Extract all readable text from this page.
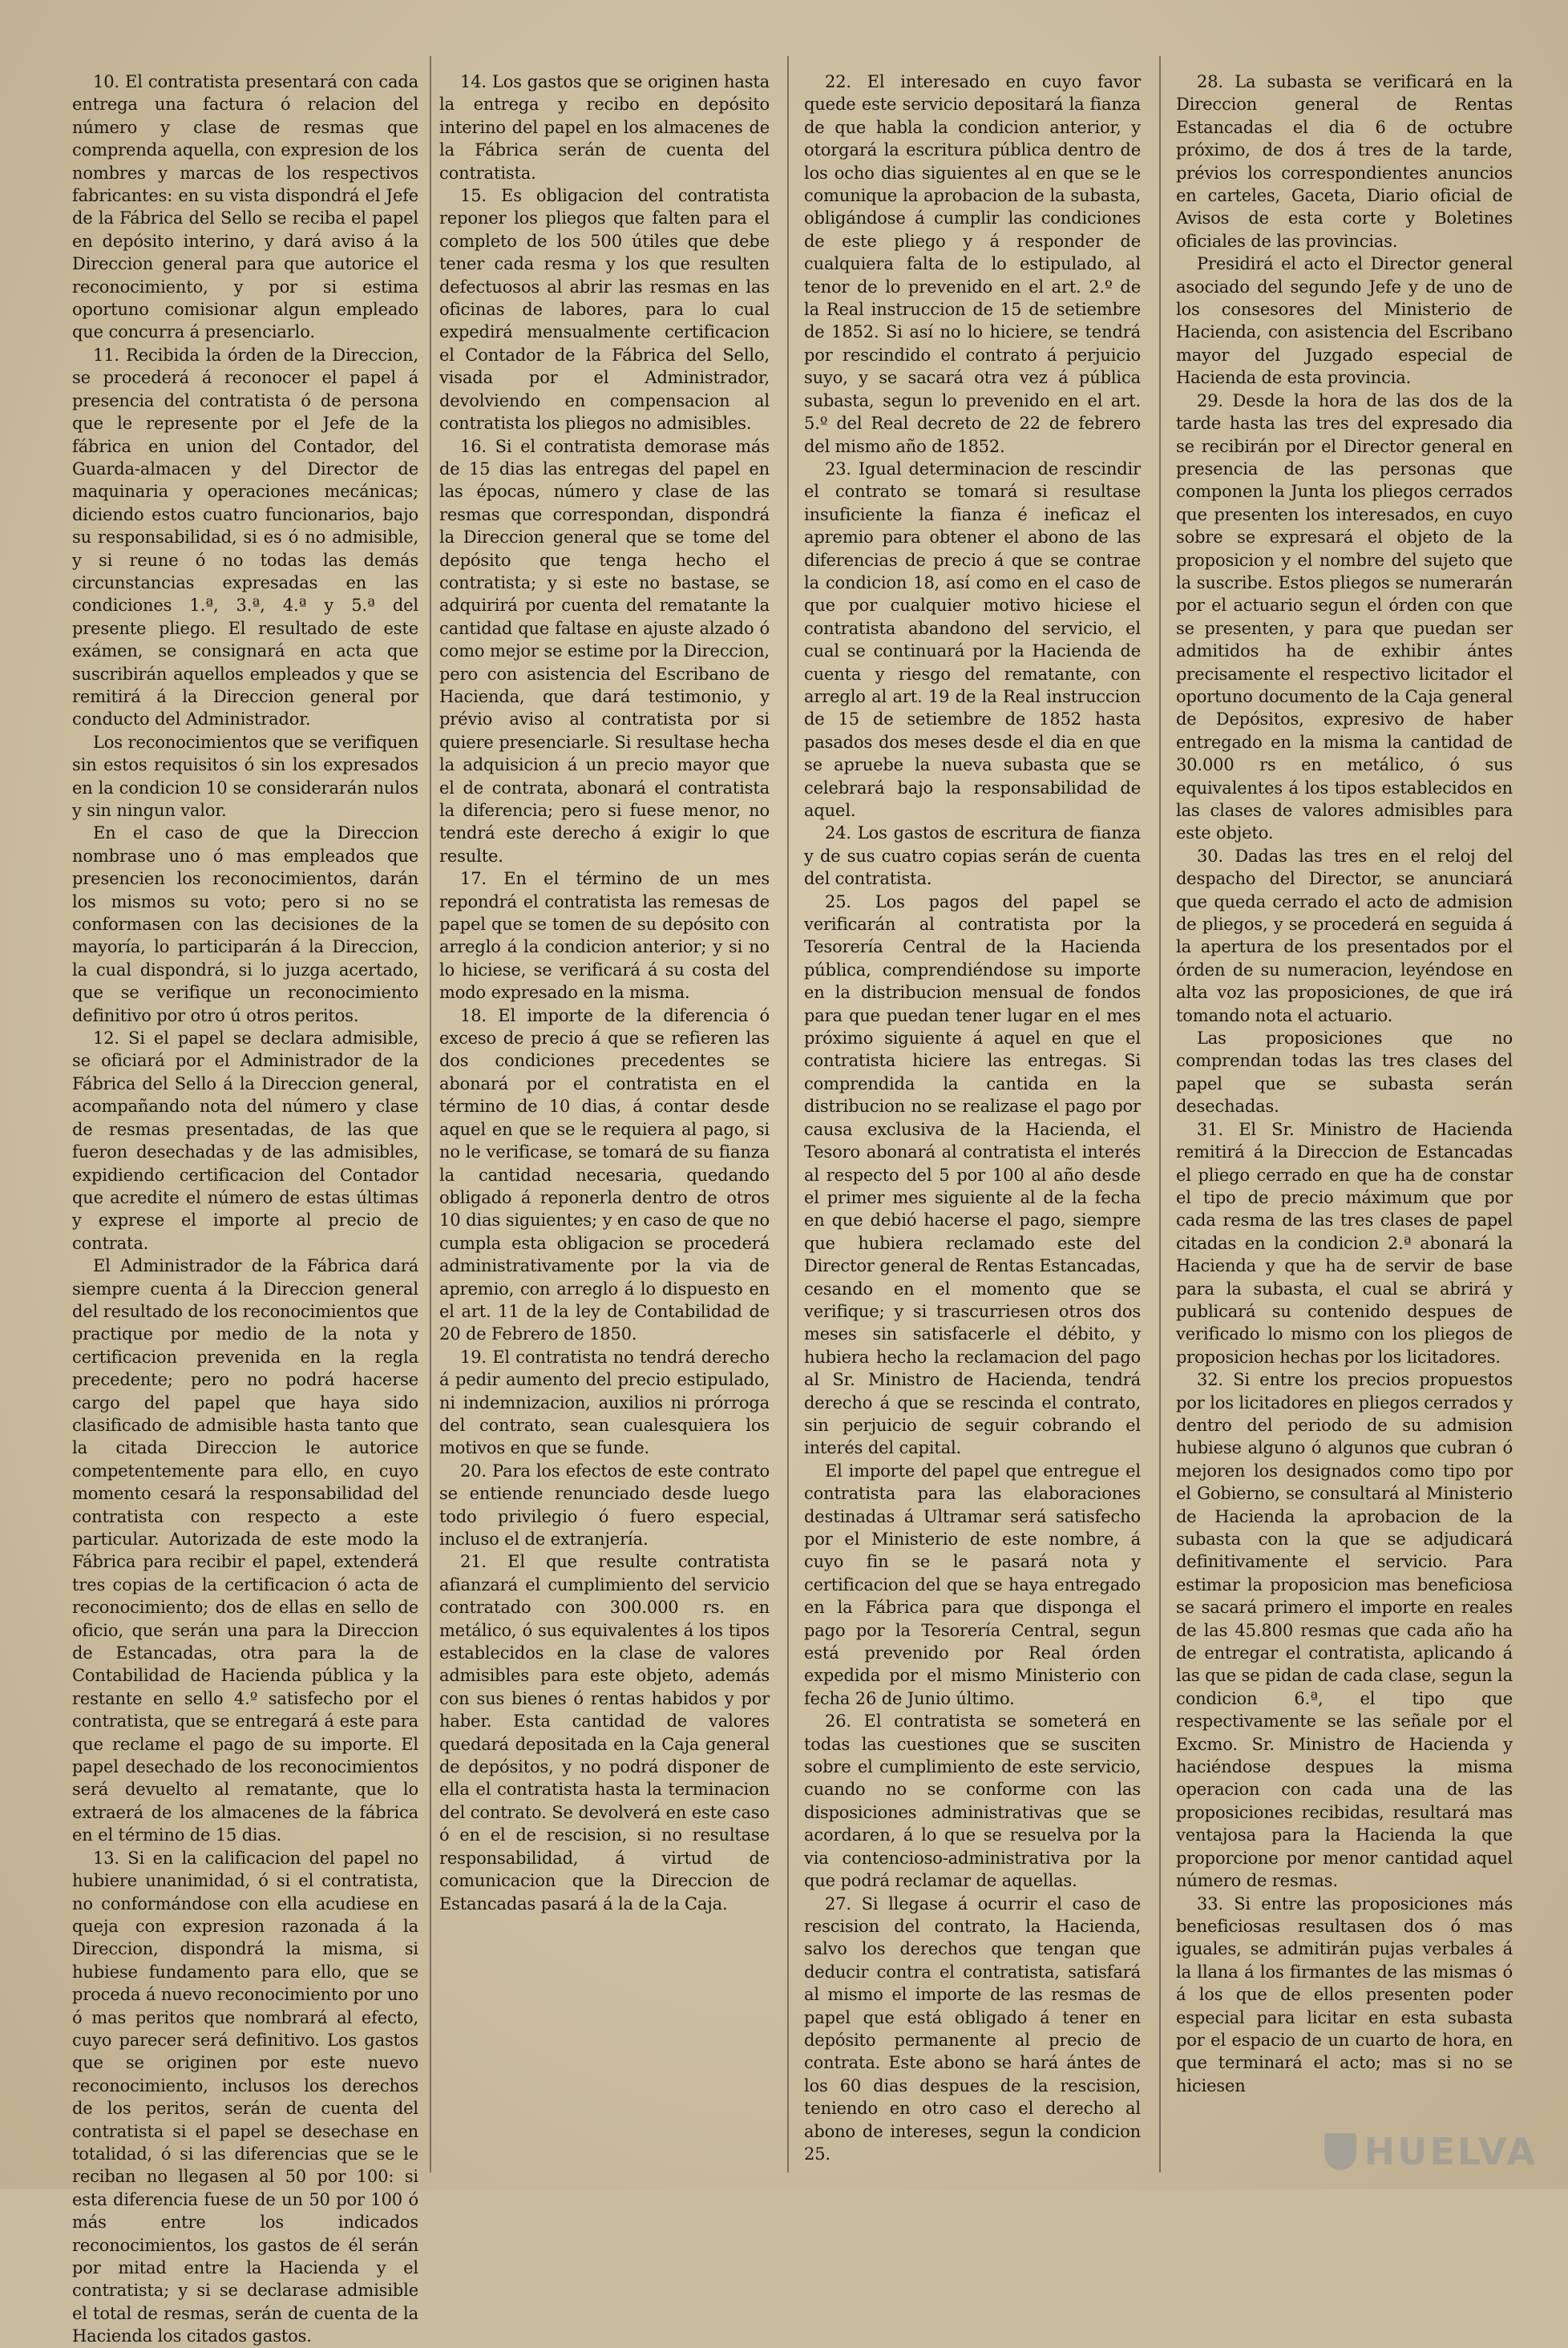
10. El contratista presentará con cada entrega una factura ó relacion del número y clase de resmas que comprenda aquella, con expresion de los nombres y marcas de los respectivos fabricantes: en su vista dispondrá el Jefe de la Fábrica del Sello se reciba el papel en depósito interino, y dará aviso á la Direccion general para que autorice el reconocimiento, y por si estima oportuno comisionar algun empleado que concurra á presenciarlo.

11. Recibida la órden de la Direccion, se procederá á reconocer el papel á presencia del contratista ó de persona que le represente por el Jefe de la fábrica en union del Contador, del Guarda-almacen y del Director de maquinaria y operaciones mecánicas; diciendo estos cuatro funcionarios, bajo su responsabilidad, si es ó no admisible, y si reune ó no todas las demás circunstancias expresadas en las condiciones 1.ª, 3.ª, 4.ª y 5.ª del presente pliego. El resultado de este exámen, se consignará en acta que suscribirán aquellos empleados y que se remitirá á la Direccion general por conducto del Administrador.

Los reconocimientos que se verifiquen sin estos requisitos ó sin los expresados en la condicion 10 se considerarán nulos y sin ningun valor.

En el caso de que la Direccion nombrase uno ó mas empleados que presencien los reconocimientos, darán los mismos su voto; pero si no se conformasen con las decisiones de la mayoría, lo participarán á la Direccion, la cual dispondrá, si lo juzga acertado, que se verifique un reconocimiento definitivo por otro ú otros peritos.

12. Si el papel se declara admisible, se oficiará por el Administrador de la Fábrica del Sello á la Direccion general, acompañando nota del número y clase de resmas presentadas, de las que fueron desechadas y de las admisibles, expidiendo certificacion del Contador que acredite el número de estas últimas y exprese el importe al precio de contrata.

El Administrador de la Fábrica dará siempre cuenta á la Direccion general del resultado de los reconocimientos que practique por medio de la nota y certificacion prevenida en la regla precedente; pero no podrá hacerse cargo del papel que haya sido clasificado de admisible hasta tanto que la citada Direccion le autorice competentemente para ello, en cuyo momento cesará la responsabilidad del contratista con respecto a este particular. Autorizada de este modo la Fábrica para recibir el papel, extenderá tres copias de la certificacion ó acta de reconocimiento; dos de ellas en sello de oficio, que serán una para la Direccion de Estancadas, otra para la de Contabilidad de Hacienda pública y la restante en sello 4.º satisfecho por el contratista, que se entregará á este para que reclame el pago de su importe. El papel desechado de los reconocimientos será devuelto al rematante, que lo extraerá de los almacenes de la fábrica en el término de 15 dias.

13. Si en la calificacion del papel no hubiere unanimidad, ó si el contratista, no conformándose con ella acudiese en queja con expresion razonada á la Direccion, dispondrá la misma, si hubiese fundamento para ello, que se proceda á nuevo reconocimiento por uno ó mas peritos que nombrará al efecto, cuyo parecer será definitivo. Los gastos que se originen por este nuevo reconocimiento, inclusos los derechos de los peritos, serán de cuenta del contratista si el papel se desechase en totalidad, ó si las diferencias que se le reciban no llegasen al 50 por 100: si esta diferencia fuese de un 50 por 100 ó más entre los indicados reconocimientos, los gastos de él serán por mitad entre la Hacienda y el contratista; y si se declarase admisible el total de resmas, serán de cuenta de la Hacienda los citados gastos.

14. Los gastos que se originen hasta la entrega y recibo en depósito interino del papel en los almacenes de la Fábrica serán de cuenta del contratista.

15. Es obligacion del contratista reponer los pliegos que falten para el completo de los 500 útiles que debe tener cada resma y los que resulten defectuosos al abrir las resmas en las oficinas de labores, para lo cual expedirá mensualmente certificacion el Contador de la Fábrica del Sello, visada por el Administrador, devolviendo en compensacion al contratista los pliegos no admisibles.

16. Si el contratista demorase más de 15 dias las entregas del papel en las épocas, número y clase de las resmas que correspondan, dispondrá la Direccion general que se tome del depósito que tenga hecho el contratista; y si este no bastase, se adquirirá por cuenta del rematante la cantidad que faltase en ajuste alzado ó como mejor se estime por la Direccion, pero con asistencia del Escribano de Hacienda, que dará testimonio, y prévio aviso al contratista por si quiere presenciarle. Si resultase hecha la adquisicion á un precio mayor que el de contrata, abonará el contratista la diferencia; pero si fuese menor, no tendrá este derecho á exigir lo que resulte.

17. En el término de un mes repondrá el contratista las remesas de papel que se tomen de su depósito con arreglo á la condicion anterior; y si no lo hiciese, se verificará á su costa del modo expresado en la misma.

18. El importe de la diferencia ó exceso de precio á que se refieren las dos condiciones precedentes se abonará por el contratista en el término de 10 dias, á contar desde aquel en que se le requiera al pago, si no le verificase, se tomará de su fianza la cantidad necesaria, quedando obligado á reponerla dentro de otros 10 dias siguientes; y en caso de que no cumpla esta obligacion se procederá administrativamente por la via de apremio, con arreglo á lo dispuesto en el art. 11 de la ley de Contabilidad de 20 de Febrero de 1850.

19. El contratista no tendrá derecho á pedir aumento del precio estipulado, ni indemnizacion, auxilios ni prórroga del contrato, sean cualesquiera los motivos en que se funde.

20. Para los efectos de este contrato se entiende renunciado desde luego todo privilegio ó fuero especial, incluso el de extranjería.

21. El que resulte contratista afianzará el cumplimiento del servicio contratado con 300.000 rs. en metálico, ó sus equivalentes á los tipos establecidos en la clase de valores admisibles para este objeto, además con sus bienes ó rentas habidos y por haber. Esta cantidad de valores quedará depositada en la Caja general de depósitos, y no podrá disponer de ella el contratista hasta la terminacion del contrato. Se devolverá en este caso ó en el de rescision, si no resultase responsabilidad, á virtud de comunicacion que la Direccion de Estancadas pasará á la de la Caja.

22. El interesado en cuyo favor quede este servicio depositará la fianza de que habla la condicion anterior, y otorgará la escritura pública dentro de los ocho dias siguientes al en que se le comunique la aprobacion de la subasta, obligándose á cumplir las condiciones de este pliego y á responder de cualquiera falta de lo estipulado, al tenor de lo prevenido en el art. 2.º de la Real instruccion de 15 de setiembre de 1852. Si así no lo hiciere, se tendrá por rescindido el contrato á perjuicio suyo, y se sacará otra vez á pública subasta, segun lo prevenido en el art. 5.º del Real decreto de 22 de febrero del mismo año de 1852.

23. Igual determinacion de rescindir el contrato se tomará si resultase insuficiente la fianza é ineficaz el apremio para obtener el abono de las diferencias de precio á que se contrae la condicion 18, así como en el caso de que por cualquier motivo hiciese el contratista abandono del servicio, el cual se continuará por la Hacienda de cuenta y riesgo del rematante, con arreglo al art. 19 de la Real instruccion de 15 de setiembre de 1852 hasta pasados dos meses desde el dia en que se apruebe la nueva subasta que se celebrará bajo la responsabilidad de aquel.

24. Los gastos de escritura de fianza y de sus cuatro copias serán de cuenta del contratista.

25. Los pagos del papel se verificarán al contratista por la Tesorería Central de la Hacienda pública, comprendiéndose su importe en la distribucion mensual de fondos para que puedan tener lugar en el mes próximo siguiente á aquel en que el contratista hiciere las entregas. Si comprendida la cantida en la distribucion no se realizase el pago por causa exclusiva de la Hacienda, el Tesoro abonará al contratista el interés al respecto del 5 por 100 al año desde el primer mes siguiente al de la fecha en que debió hacerse el pago, siempre que hubiera reclamado este del Director general de Rentas Estancadas, cesando en el momento que se verifique; y si trascurriesen otros dos meses sin satisfacerle el débito, y hubiera hecho la reclamacion del pago al Sr. Ministro de Hacienda, tendrá derecho á que se rescinda el contrato, sin perjuicio de seguir cobrando el interés del capital.

El importe del papel que entregue el contratista para las elaboraciones destinadas á Ultramar será satisfecho por el Ministerio de este nombre, á cuyo fin se le pasará nota y certificacion del que se haya entregado en la Fábrica para que disponga el pago por la Tesorería Central, segun está prevenido por Real órden expedida por el mismo Ministerio con fecha 26 de Junio último.

26. El contratista se someterá en todas las cuestiones que se susciten sobre el cumplimiento de este servicio, cuando no se conforme con las disposiciones administrativas que se acordaren, á lo que se resuelva por la via contencioso-administrativa por la que podrá reclamar de aquellas.

27. Si llegase á ocurrir el caso de rescision del contrato, la Hacienda, salvo los derechos que tengan que deducir contra el contratista, satisfará al mismo el importe de las resmas de papel que está obligado á tener en depósito permanente al precio de contrata. Este abono se hará ántes de los 60 dias despues de la rescision, teniendo en otro caso el derecho al abono de intereses, segun la condicion 25.

28. La subasta se verificará en la Direccion general de Rentas Estancadas el dia 6 de octubre próximo, de dos á tres de la tarde, prévios los correspondientes anuncios en carteles, Gaceta, Diario oficial de Avisos de esta corte y Boletines oficiales de las provincias.

Presidirá el acto el Director general asociado del segundo Jefe y de uno de los consesores del Ministerio de Hacienda, con asistencia del Escribano mayor del Juzgado especial de Hacienda de esta provincia.

29. Desde la hora de las dos de la tarde hasta las tres del expresado dia se recibirán por el Director general en presencia de las personas que componen la Junta los pliegos cerrados que presenten los interesados, en cuyo sobre se expresará el objeto de la proposicion y el nombre del sujeto que la suscribe. Estos pliegos se numerarán por el actuario segun el órden con que se presenten, y para que puedan ser admitidos ha de exhibir ántes precisamente el respectivo licitador el oportuno documento de la Caja general de Depósitos, expresivo de haber entregado en la misma la cantidad de 30.000 rs en metálico, ó sus equivalentes á los tipos establecidos en las clases de valores admisibles para este objeto.

30. Dadas las tres en el reloj del despacho del Director, se anunciará que queda cerrado el acto de admision de pliegos, y se procederá en seguida á la apertura de los presentados por el órden de su numeracion, leyéndose en alta voz las proposiciones, de que irá tomando nota el actuario.

Las proposiciones que no comprendan todas las tres clases del papel que se subasta serán desechadas.

31. El Sr. Ministro de Hacienda remitirá á la Direccion de Estancadas el pliego cerrado en que ha de constar el tipo de precio máximum que por cada resma de las tres clases de papel citadas en la condicion 2.ª abonará la Hacienda y que ha de servir de base para la subasta, el cual se abrirá y publicará su contenido despues de verificado lo mismo con los pliegos de proposicion hechas por los licitadores.

32. Si entre los precios propuestos por los licitadores en pliegos cerrados y dentro del periodo de su admision hubiese alguno ó algunos que cubran ó mejoren los designados como tipo por el Gobierno, se consultará al Ministerio de Hacienda la aprobacion de la subasta con la que se adjudicará definitivamente el servicio. Para estimar la proposicion mas beneficiosa se sacará primero el importe en reales de las 45.800 resmas que cada año ha de entregar el contratista, aplicando á las que se pidan de cada clase, segun la condicion 6.ª, el tipo que respectivamente se las señale por el Excmo. Sr. Ministro de Hacienda y haciéndose despues la misma operacion con cada una de las proposiciones recibidas, resultará mas ventajosa para la Hacienda la que proporcione por menor cantidad aquel número de resmas.

33. Si entre las proposiciones más beneficiosas resultasen dos ó mas iguales, se admitirán pujas verbales á la llana á los firmantes de las mismas ó á los que de ellos presenten poder especial para licitar en esta subasta por el espacio de un cuarto de hora, en que terminará el acto; mas si no se hiciesen

HUELVA
